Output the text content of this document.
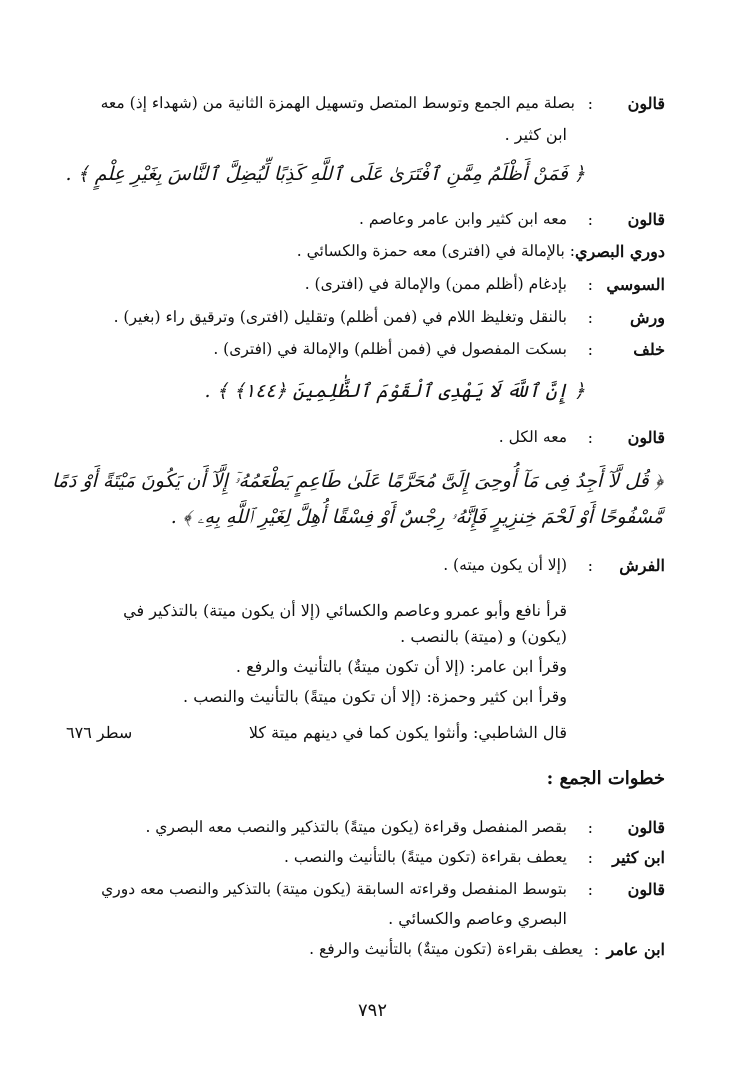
قالون
:
بصلة ميم الجمع وتوسط المتصل وتسهيل الهمزة الثانية من (شهداء إذ) معه
ابن كثير .
﴿ فَمَنْ أَظْلَمُ مِمَّنِ ٱفْتَرَىٰ عَلَى ٱللَّهِ كَذِبًا لِّيُضِلَّ ٱلنَّاسَ بِغَيْرِ عِلْمٍ ﴾ .
قالون
:
معه ابن كثير وابن عامر وعاصم .
دوري البصري
: بالإمالة في (افترى) معه حمزة والكسائي .
السوسي
:
بإدغام (أظلم ممن) والإمالة في (افترى) .
ورش
:
بالنقل وتغليظ اللام في (فمن أظلم) وتقليل (افترى) وترقيق راء (بغير) .
خلف
:
بسكت المفصول في (فمن أظلم) والإمالة في (افترى) .
﴿ إِنَّ ٱللَّهَ لَا يَهْدِى ٱلْقَوْمَ ٱلظَّٰلِمِينَ ﴿١٤٤﴾ ﴾ .
قالون
:
معه الكل .
﴿ قُل لَّآ أَجِدُ فِى مَآ أُوحِىَ إِلَىَّ مُحَرَّمًا عَلَىٰ طَاعِمٍ يَطْعَمُهُۥٓ إِلَّآ أَن يَكُونَ مَيْتَةً أَوْ دَمًا
مَّسْفُوحًا أَوْ لَحْمَ خِنزِيرٍ فَإِنَّهُۥ رِجْسٌ أَوْ فِسْقًا أُهِلَّ لِغَيْرِ ٱللَّهِ بِهِۦ ﴾ .
الفرش
:
(إلا أن يكون ميته) .
قرأ نافع وأبو عمرو وعاصم والكسائي (إلا أن يكون ميتة) بالتذكير في
(يكون) و (ميتة) بالنصب .
وقرأ ابن عامر: (إلا أن تكون ميتةٌ) بالتأنيث والرفع .
وقرأ ابن كثير وحمزة: (إلا أن تكون ميتةً) بالتأنيث والنصب .
قال الشاطبي: وأنثوا يكون كما في دينهم ميتة كلا
سطر ٦٧٦
خطوات الجمع :
قالون
:
بقصر المنفصل وقراءة (يكون ميتةً) بالتذكير والنصب معه البصري .
ابن كثير
:
يعطف بقراءة (تكون ميتةً) بالتأنيث والنصب .
قالون
:
بتوسط المنفصل وقراءته السابقة (يكون ميتة) بالتذكير والنصب معه دوري
البصري وعاصم والكسائي .
ابن عامر
:
يعطف بقراءة (تكون ميتةٌ) بالتأنيث والرفع .
٧٩٢
